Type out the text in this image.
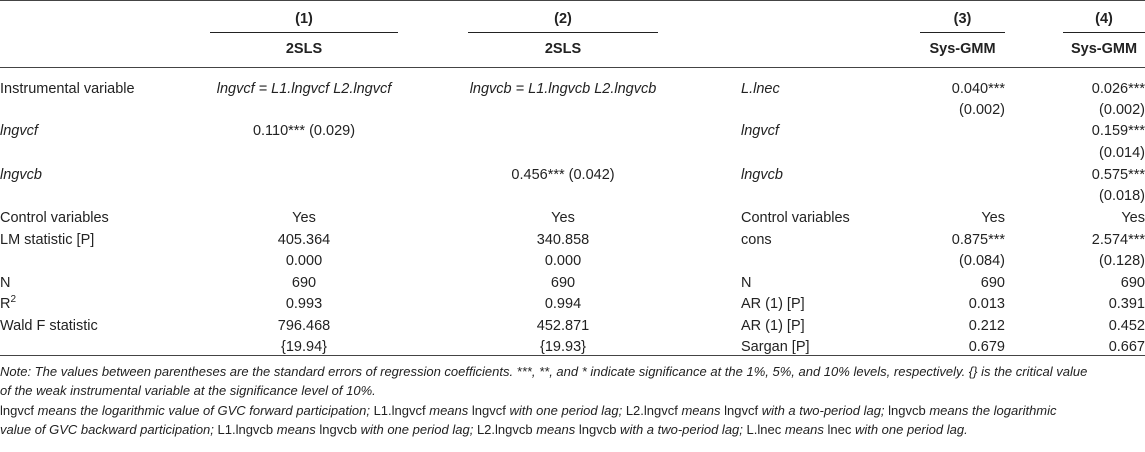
(1)
2SLS
(2)
2SLS
(3)
Sys-GMM
(4)
Sys-GMM
Instrumental variable
lngvcf
lngvcb
Control variables
LM statistic [P]
N
$R^2$
Wald F statistic
lngvcf = L1.lngvcf L2.lngvcf
0.110*** (0.029)
Yes
405.364
0.000
690
0.993
796.468
{19.94}
lngvcb = L1.lngvcb L2.lngvcb
0.456*** (0.042)
Yes
340.858
0.000
690
0.994
452.871
{19.93}
L.lnec
lngvcf
lngvcb
Control variables
cons
N
AR (1) [P]
AR (1) [P]
Sargan [P]
0.040***
(0.002)
Yes
0.875***
(0.084)
690
0.013
0.212
0.679
0.026***
(0.002)
0.159***
(0.014)
0.575***
(0.018)
Yes
2.574***
(0.128)
690
0.391
0.452
0.667
Note: The values between parentheses are the standard errors of regression coefficients. ***, **, and * indicate significance at the 1%, 5%, and 10% levels, respectively. {} is the critical value
of the weak instrumental variable at the significance level of 10%.
lngvcf means the logarithmic value of GVC forward participation; L1.lngvcf means lngvcf with one period lag; L2.lngvcf means lngvcf with a two-period lag; lngvcb means the logarithmic
value of GVC backward participation; L1.lngvcb means lngvcb with one period lag; L2.lngvcb means lngvcb with a two-period lag; L.lnec means lnec with one period lag.
